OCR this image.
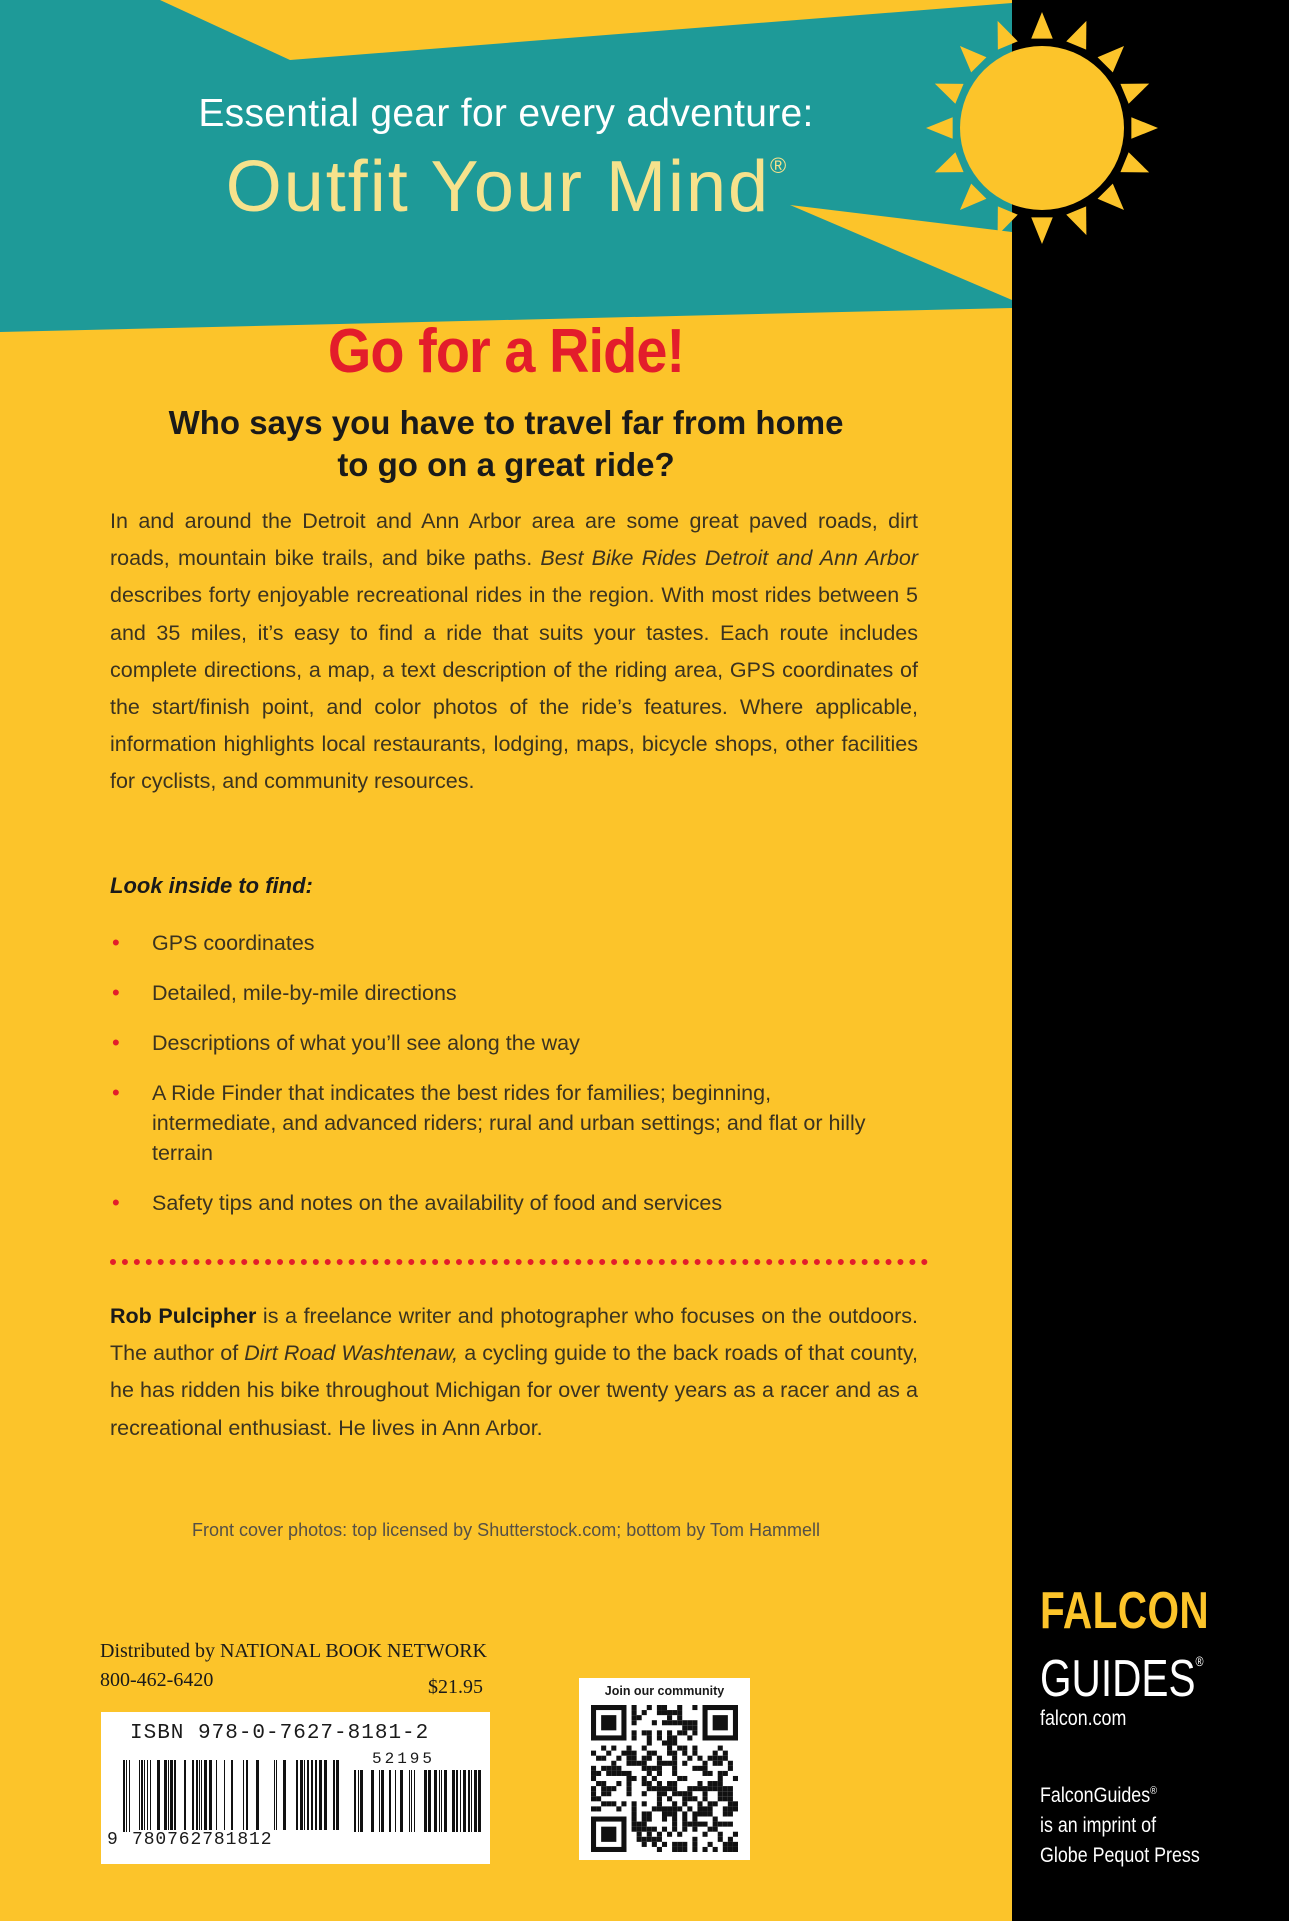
Essential gear for every adventure:
Outfit Your Mind®
Go for a Ride!
Who says you have to travel far from home
to go on a great ride?
In and around the Detroit and Ann Arbor area are some great paved roads, dirt roads, mountain bike trails, and bike paths. Best Bike Rides Detroit and Ann Arbor describes forty enjoyable recreational rides in the region. With most rides between 5 and 35 miles, it’s easy to find a ride that suits your tastes. Each route includes complete directions, a map, a text description of the riding area, GPS coordinates of the start/finish point, and color photos of the ride’s features. Where applicable, information highlights local restaurants, lodging, maps, bicycle shops, other facilities for cyclists, and community resources.
Look inside to find:
• GPS coordinates
• Detailed, mile-by-mile directions
• Descriptions of what you’ll see along the way
• A Ride Finder that indicates the best rides for families; beginning, intermediate, and advanced riders; rural and urban settings; and flat or hilly terrain
• Safety tips and notes on the availability of food and services
Rob Pulcipher is a freelance writer and photographer who focuses on the outdoors. The author of Dirt Road Washtenaw, a cycling guide to the back roads of that county, he has ridden his bike throughout Michigan for over twenty years as a racer and as a recreational enthusiast. He lives in Ann Arbor.
Front cover photos: top licensed by Shutterstock.com; bottom by Tom Hammell
Distributed by NATIONAL BOOK NETWORK
800-462-6420	$21.95
ISBN 978-0-7627-8181-2
52195
9 780762781812
Join our community
FALCON
GUIDES®
falcon.com
FalconGuides®
is an imprint of
Globe Pequot Press
